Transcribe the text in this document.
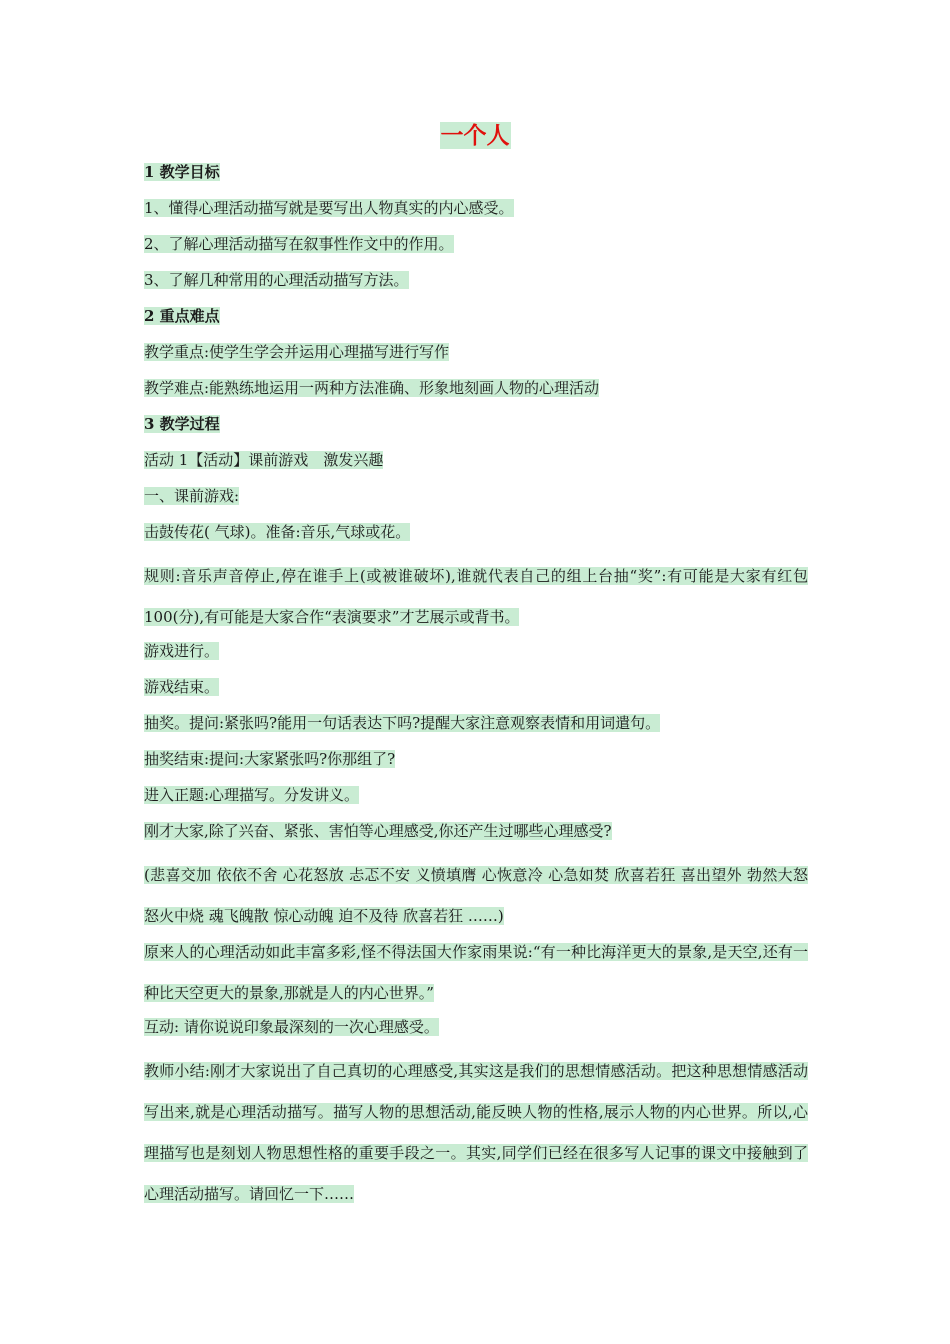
一个人
1 教学目标
1、懂得心理活动描写就是要写出人物真实的内心感受。
2、了解心理活动描写在叙事性作文中的作用。
3、了解几种常用的心理活动描写方法。
2 重点难点
教学重点:使学生学会并运用心理描写进行写作
教学难点:能熟练地运用一两种方法准确、形象地刻画人物的心理活动
3 教学过程
活动 1【活动】课前游戏　激发兴趣
一、课前游戏:
击鼓传花( 气球)。准备:音乐,气球或花。
规则:音乐声音停止,停在谁手上(或被谁破坏),谁就代表自己的组上台抽“奖”:有可能是大家有红包 100(分),有可能是大家合作“表演要求”才艺展示或背书。
游戏进行。
游戏结束。
抽奖。提问:紧张吗?能用一句话表达下吗?提醒大家注意观察表情和用词遣句。
抽奖结束:提问:大家紧张吗?你那组了?
进入正题:心理描写。分发讲义。
刚才大家,除了兴奋、紧张、害怕等心理感受,你还产生过哪些心理感受?
(悲喜交加 依依不舍 心花怒放 忐忑不安 义愤填膺 心恢意冷 心急如焚 欣喜若狂 喜出望外 勃然大怒 怒火中烧 魂飞魄散 惊心动魄 迫不及待 欣喜若狂 ……)
原来人的心理活动如此丰富多彩,怪不得法国大作家雨果说:“有一种比海洋更大的景象,是天空,还有一种比天空更大的景象,那就是人的内心世界。”
互动: 请你说说印象最深刻的一次心理感受。
教师小结:刚才大家说出了自己真切的心理感受,其实这是我们的思想情感活动。把这种思想情感活动写出来,就是心理活动描写。描写人物的思想活动,能反映人物的性格,展示人物的内心世界。所以,心理描写也是刻划人物思想性格的重要手段之一。其实,同学们已经在很多写人记事的课文中接触到了心理活动描写。请回忆一下……
